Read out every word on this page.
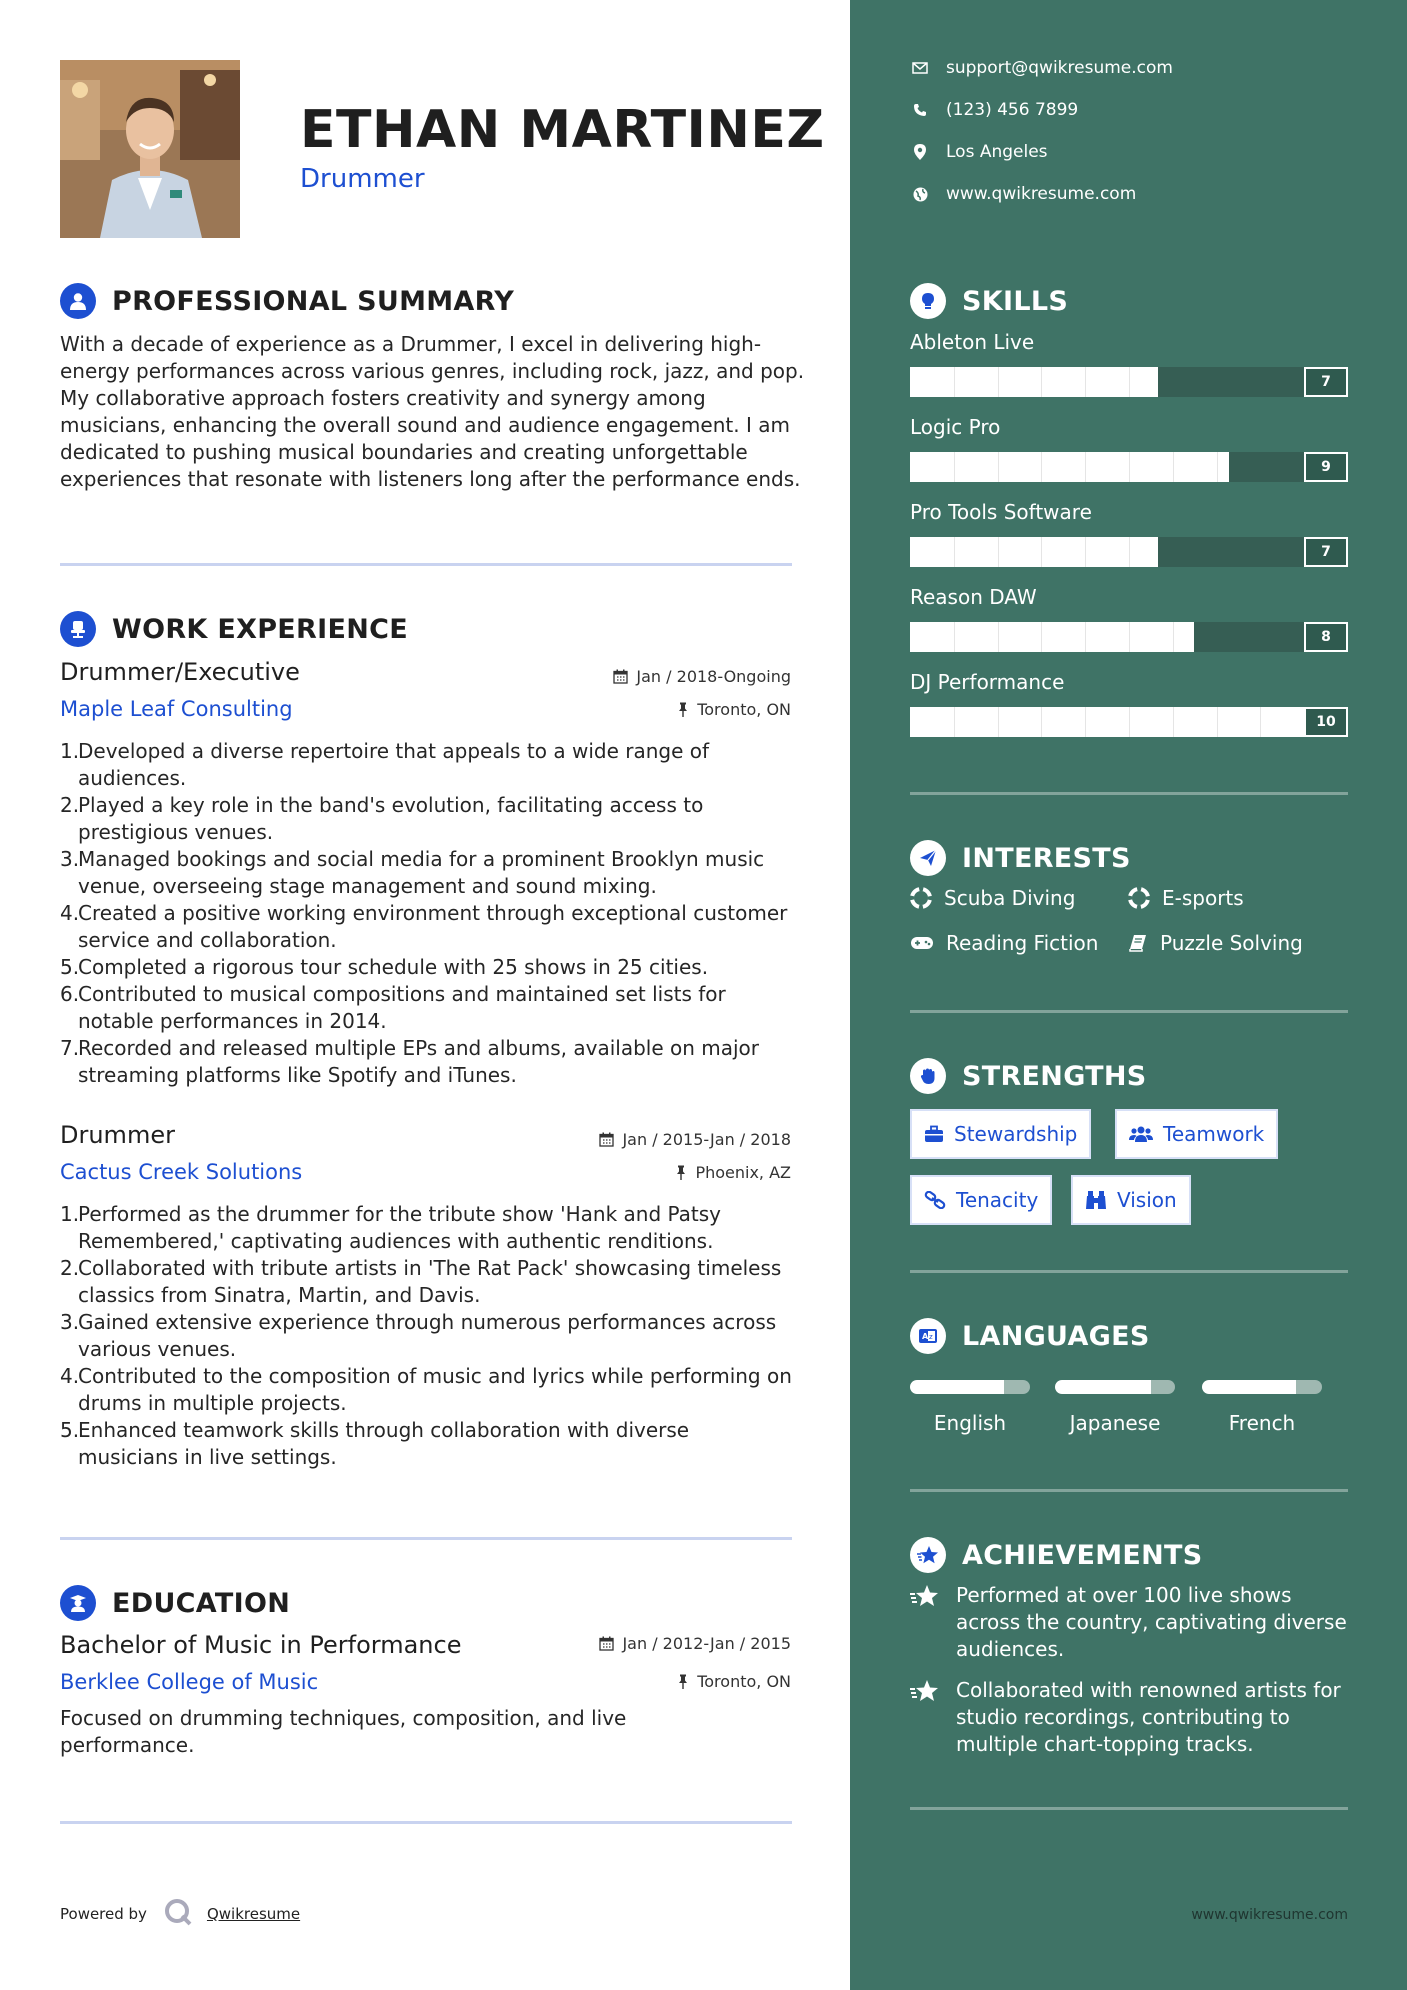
ETHAN MARTINEZ
Drummer
PROFESSIONAL SUMMARY
With a decade of experience as a Drummer, I excel in delivering high-energy performances across various genres, including rock, jazz, and pop. My collaborative approach fosters creativity and synergy among musicians, enhancing the overall sound and audience engagement. I am dedicated to pushing musical boundaries and creating unforgettable experiences that resonate with listeners long after the performance ends.
WORK EXPERIENCE
Drummer/Executive	Jan / 2018-Ongoing
Maple Leaf Consulting	Toronto, ON
1.
Developed a diverse repertoire that appeals to a wide range of audiences.
2.
Played a key role in the band's evolution, facilitating access to prestigious venues.
3.
Managed bookings and social media for a prominent Brooklyn music venue, overseeing stage management and sound mixing.
4.
Created a positive working environment through exceptional customer service and collaboration.
5.
Completed a rigorous tour schedule with 25 shows in 25 cities.
6.
Contributed to musical compositions and maintained set lists for notable performances in 2014.
7.
Recorded and released multiple EPs and albums, available on major streaming platforms like Spotify and iTunes.
Drummer	Jan / 2015-Jan / 2018
Cactus Creek Solutions	Phoenix, AZ
1.
Performed as the drummer for the tribute show 'Hank and Patsy Remembered,' captivating audiences with authentic renditions.
2.
Collaborated with tribute artists in 'The Rat Pack' showcasing timeless classics from Sinatra, Martin, and Davis.
3.
Gained extensive experience through numerous performances across various venues.
4.
Contributed to the composition of music and lyrics while performing on drums in multiple projects.
5.
Enhanced teamwork skills through collaboration with diverse musicians in live settings.
EDUCATION
Bachelor of Music in Performance	Jan / 2012-Jan / 2015
Berklee College of Music	Toronto, ON
Focused on drumming techniques, composition, and live performance.
Powered by	Qwikresume
support@qwikresume.com
(123) 456 7899
Los Angeles
www.qwikresume.com
SKILLS
Ableton Live
7
Logic Pro
9
Pro Tools Software
7
Reason DAW
8
DJ Performance
10
INTERESTS
Scuba Diving	E-sports
Reading Fiction	Puzzle Solving
STRENGTHS
Stewardship	Teamwork
Tenacity	Vision
A z LANGUAGES
English	Japanese	French
ACHIEVEMENTS
Performed at over 100 live shows across the country, captivating diverse audiences.
Collaborated with renowned artists for studio recordings, contributing to multiple chart-topping tracks.
www.qwikresume.com
